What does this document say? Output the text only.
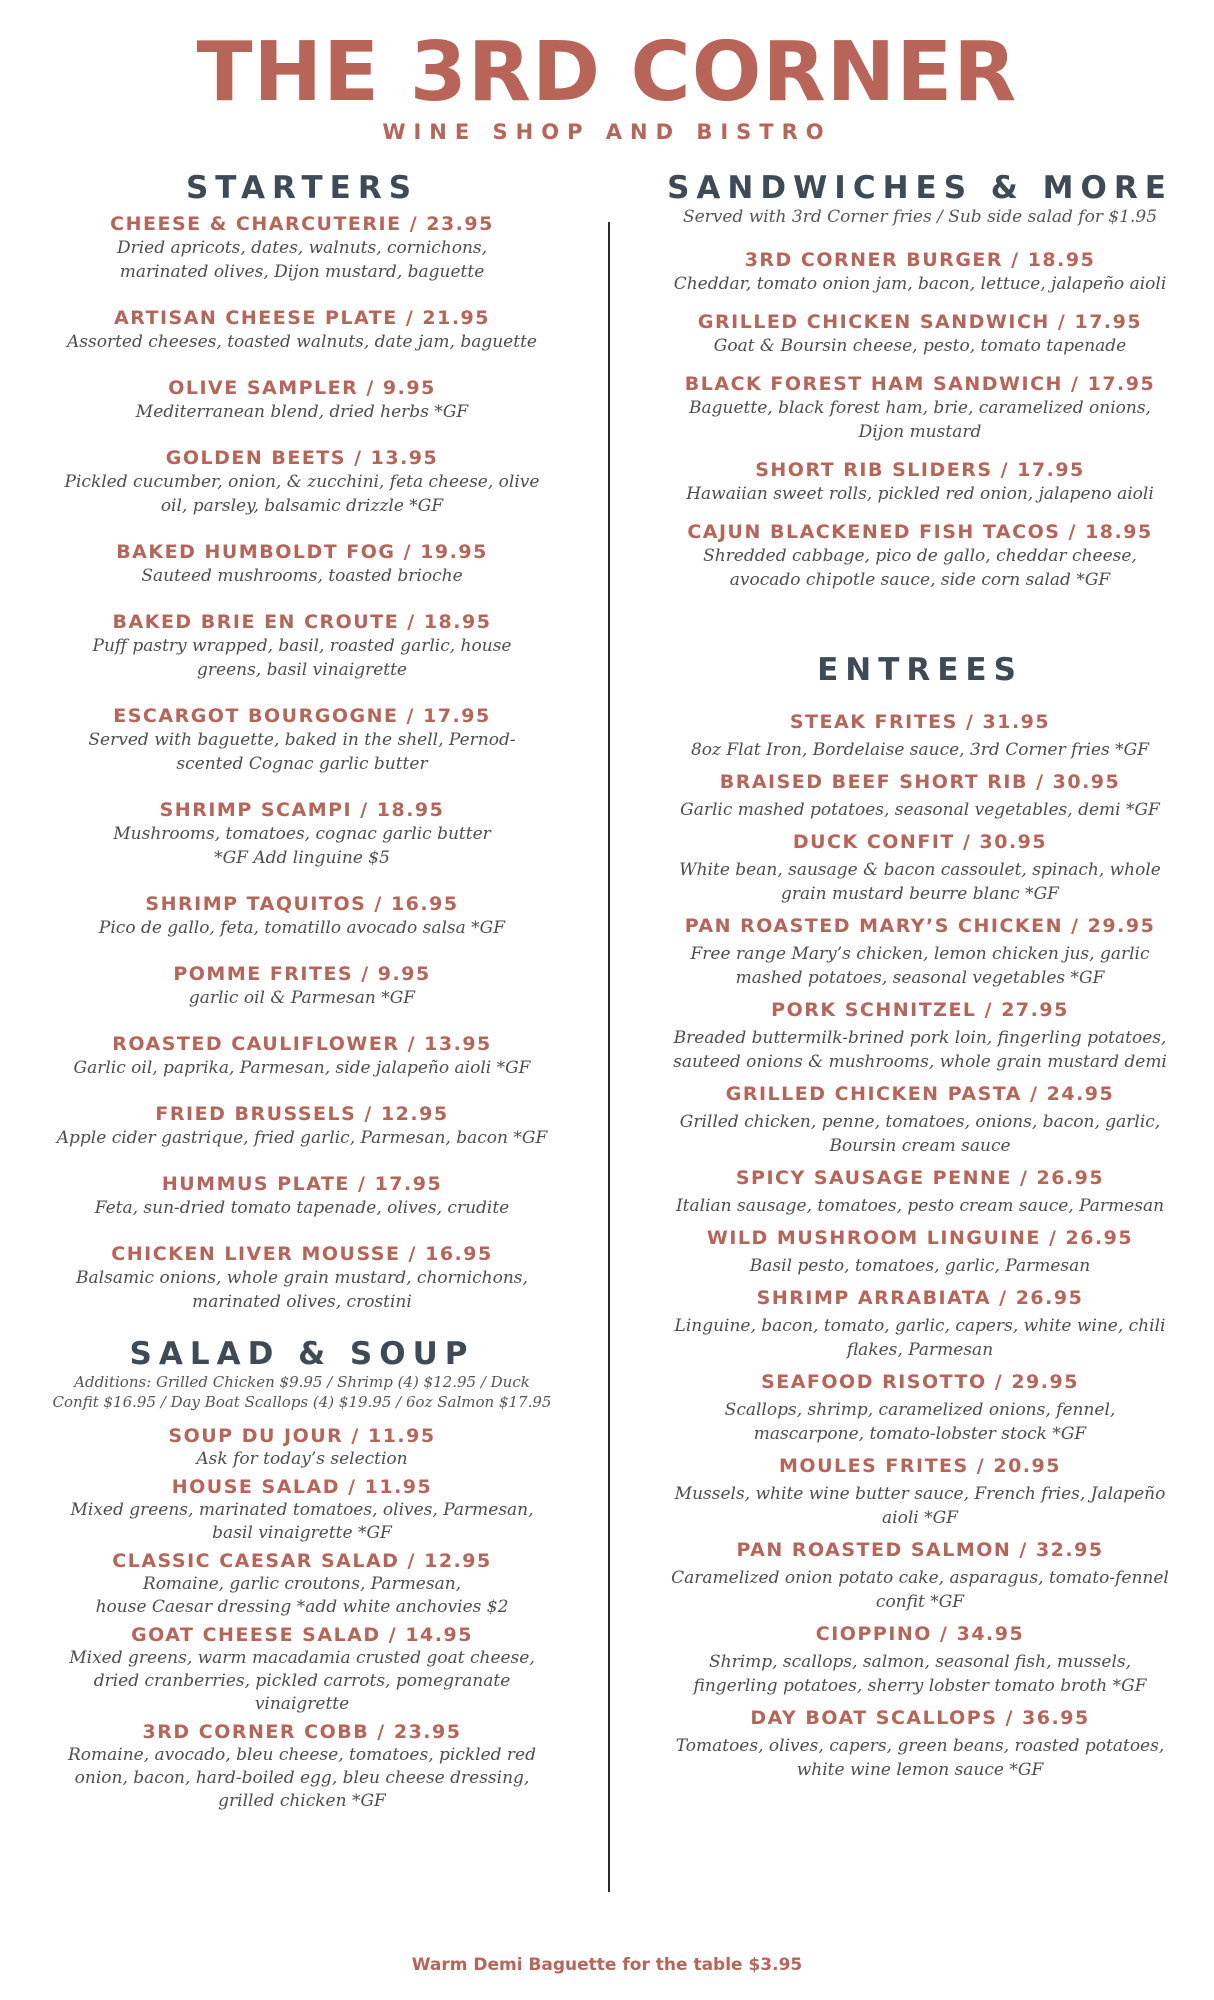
THE 3RD CORNER
WINE SHOP AND BISTRO
STARTERS
CHEESE & CHARCUTERIE / 23.95
Dried apricots, dates, walnuts, cornichons,
marinated olives, Dijon mustard, baguette
ARTISAN CHEESE PLATE / 21.95
Assorted cheeses, toasted walnuts, date jam, baguette
OLIVE SAMPLER / 9.95
Mediterranean blend, dried herbs *GF
GOLDEN BEETS / 13.95
Pickled cucumber, onion, & zucchini, feta cheese, olive
oil, parsley, balsamic drizzle *GF
BAKED HUMBOLDT FOG / 19.95
Sauteed mushrooms, toasted brioche
BAKED BRIE EN CROUTE / 18.95
Puff pastry wrapped, basil, roasted garlic, house
greens, basil vinaigrette
ESCARGOT BOURGOGNE / 17.95
Served with baguette, baked in the shell, Pernod-
scented Cognac garlic butter
SHRIMP SCAMPI / 18.95
Mushrooms, tomatoes, cognac garlic butter
*GF Add linguine $5
SHRIMP TAQUITOS / 16.95
Pico de gallo, feta, tomatillo avocado salsa *GF
POMME FRITES / 9.95
garlic oil & Parmesan *GF
ROASTED CAULIFLOWER / 13.95
Garlic oil, paprika, Parmesan, side jalapeño aioli *GF
FRIED BRUSSELS / 12.95
Apple cider gastrique, fried garlic, Parmesan, bacon *GF
HUMMUS PLATE / 17.95
Feta, sun-dried tomato tapenade, olives, crudite
CHICKEN LIVER MOUSSE / 16.95
Balsamic onions, whole grain mustard, chornichons,
marinated olives, crostini
SALAD & SOUP
Additions: Grilled Chicken $9.95 / Shrimp (4) $12.95 / Duck
Confit $16.95 / Day Boat Scallops (4) $19.95 / 6oz Salmon $17.95
SOUP DU JOUR / 11.95
Ask for today’s selection
HOUSE SALAD / 11.95
Mixed greens, marinated tomatoes, olives, Parmesan,
basil vinaigrette *GF
CLASSIC CAESAR SALAD / 12.95
Romaine, garlic croutons, Parmesan,
house Caesar dressing *add white anchovies $2
GOAT CHEESE SALAD / 14.95
Mixed greens, warm macadamia crusted goat cheese,
dried cranberries, pickled carrots, pomegranate
vinaigrette
3RD CORNER COBB / 23.95
Romaine, avocado, bleu cheese, tomatoes, pickled red
onion, bacon, hard-boiled egg, bleu cheese dressing,
grilled chicken *GF
SANDWICHES & MORE
Served with 3rd Corner fries / Sub side salad for $1.95
3RD CORNER BURGER / 18.95
Cheddar, tomato onion jam, bacon, lettuce, jalapeño aioli
GRILLED CHICKEN SANDWICH / 17.95
Goat & Boursin cheese, pesto, tomato tapenade
BLACK FOREST HAM SANDWICH / 17.95
Baguette, black forest ham, brie, caramelized onions,
Dijon mustard
SHORT RIB SLIDERS / 17.95
Hawaiian sweet rolls, pickled red onion, jalapeno aioli
CAJUN BLACKENED FISH TACOS / 18.95
Shredded cabbage, pico de gallo, cheddar cheese,
avocado chipotle sauce, side corn salad *GF
ENTREES
STEAK FRITES / 31.95
8oz Flat Iron, Bordelaise sauce, 3rd Corner fries *GF
BRAISED BEEF SHORT RIB / 30.95
Garlic mashed potatoes, seasonal vegetables, demi *GF
DUCK CONFIT / 30.95
White bean, sausage & bacon cassoulet, spinach, whole
grain mustard beurre blanc *GF
PAN ROASTED MARY’S CHICKEN / 29.95
Free range Mary’s chicken, lemon chicken jus, garlic
mashed potatoes, seasonal vegetables *GF
PORK SCHNITZEL / 27.95
Breaded buttermilk-brined pork loin, fingerling potatoes,
sauteed onions & mushrooms, whole grain mustard demi
GRILLED CHICKEN PASTA / 24.95
Grilled chicken, penne, tomatoes, onions, bacon, garlic,
Boursin cream sauce
SPICY SAUSAGE PENNE / 26.95
Italian sausage, tomatoes, pesto cream sauce, Parmesan
WILD MUSHROOM LINGUINE / 26.95
Basil pesto, tomatoes, garlic, Parmesan
SHRIMP ARRABIATA / 26.95
Linguine, bacon, tomato, garlic, capers, white wine, chili
flakes, Parmesan
SEAFOOD RISOTTO / 29.95
Scallops, shrimp, caramelized onions, fennel,
mascarpone, tomato-lobster stock *GF
MOULES FRITES / 20.95
Mussels, white wine butter sauce, French fries, Jalapeño
aioli *GF
PAN ROASTED SALMON / 32.95
Caramelized onion potato cake, asparagus, tomato-fennel
confit *GF
CIOPPINO / 34.95
Shrimp, scallops, salmon, seasonal fish, mussels,
fingerling potatoes, sherry lobster tomato broth *GF
DAY BOAT SCALLOPS / 36.95
Tomatoes, olives, capers, green beans, roasted potatoes,
white wine lemon sauce *GF
Warm Demi Baguette for the table $3.95
